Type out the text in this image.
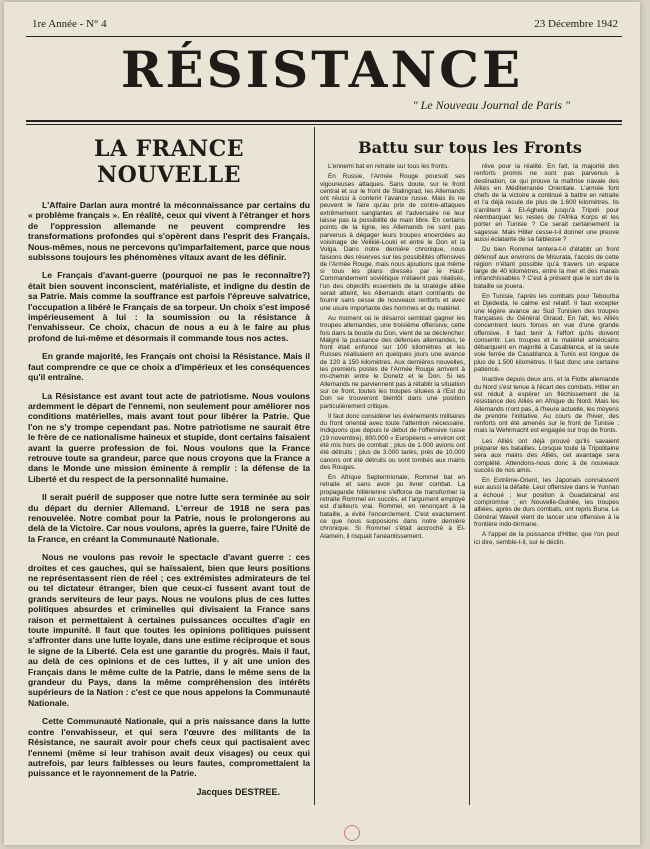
1re Année - N° 4	23 Décembre 1942
RÉSISTANCE
" Le Nouveau Journal de Paris "
LA FRANCE NOUVELLE

L'Affaire Darlan aura montré la méconnaissance par certains du « problème français ». En réalité, ceux qui vivent à l'étranger et hors de l'oppression allemande ne peuvent comprendre les transformations profondes qui s'opèrent dans l'esprit des Français. Nous-mêmes, nous ne percevons qu'imparfaitement, parce que nous subissons toujours les phénomènes vitaux avant de les définir.

Le Français d'avant-guerre (pourquoi ne pas le reconnaître?) était bien souvent inconscient, matérialiste, et indigne du destin de sa Patrie. Mais comme la souffrance est parfois l'épreuve salvatrice, l'occupation a libéré le Français de sa torpeur. Un choix s'est imposé impérieusement à lui : la soumission ou la résistance à l'envahisseur. Ce choix, chacun de nous a eu à le faire au plus profond de lui-même et désormais il commande tous nos actes.

En grande majorité, les Français ont choisi la Résistance. Mais il faut comprendre ce que ce choix a d'impérieux et les conséquences qu'il entraîne.

La Résistance est avant tout acte de patriotisme. Nous voulons ardemment le départ de l'ennemi, non seulement pour améliorer nos conditions matérielles, mais avant tout pour libérer la Patrie. Que l'on ne s'y trompe cependant pas. Notre patriotisme ne saurait être le frère de ce nationalisme haineux et stupide, dont certains faisaient avant la guerre profession de foi. Nous voulons que la France retrouve toute sa grandeur, parce que nous croyons que la France a dans le Monde une mission éminente à remplir : la défense de la Liberté et du respect de la personnalité humaine.

Il serait puéril de supposer que notre lutte sera terminée au soir du départ du dernier Allemand. L'erreur de 1918 ne sera pas renouvelée. Notre combat pour la Patrie, nous le prolongerons au delà de la Victoire. Car nous voulons, après la guerre, faire l'Unité de la France, en créant la Communauté Nationale.

Nous ne voulons pas revoir le spectacle d'avant guerre : ces droites et ces gauches, qui se haïssaient, bien que leurs positions ne représentassent rien de réel ; ces extrémistes admirateurs de tel ou tel dictateur étranger, bien que ceux-ci fussent avant tout de grands serviteurs de leur pays. Nous ne voulons plus de ces luttes politiques absurdes et criminelles qui divisaient la France sans raison et permettaient à certaines puissances occultes d'agir en toute impunité. Il faut que toutes les opinions politiques puissent s'affronter dans une lutte loyale, dans une estime réciproque et sous le signe de la Liberté. Cela est une garantie du progrès. Mais il faut, au delà de ces opinions et de ces luttes, il y ait une union des Français dans le même culte de la Patrie, dans le même sens de la grandeur du Pays, dans la même compréhension des intérêts supérieurs de la Nation : c'est ce que nous appelons la Communauté Nationale.

Cette Communauté Nationale, qui a pris naissance dans la lutte contre l'envahisseur, et qui sera l'œuvre des militants de la Résistance, ne saurait avoir pour chefs ceux qui pactisaient avec l'ennemi (même si leur trahison avait deux visages) ou ceux qui autrefois, par leurs faiblesses ou leurs fautes, compromettaient la puissance et le rayonnement de la Patrie.

Jacques DESTREE.
Battu sur tous les Fronts

L'ennemi bat en retraite sur tous les fronts.

En Russie, l'Armée Rouge poursuit ses vigoureuses attaques. Sans doute, sur le front central et sur le front de Stalingrad, les Allemands ont réussi à contenir l'avance russe. Mais ils ne peuvent le faire qu'au prix de contre-attaques extrêmement sanglantes et l'adversaire ne leur laisse pas la possibilité de main libre. En certains points de la ligne, les Allemands ne sont pas parvenus à dégager leurs troupes encerclées au voisinage de Velikié-Louki et entre le Don et la Volga. Dans notre dernière chronique, nous faisions des réserves sur les possibilités offensives de l'Armée Rouge, mais nous ajoutions que même si tous les plans dressés par le Haut-Commandement soviétique n'étaient pas réalisés, l'un des objectifs essentiels de la stratégie alliée serait atteint, les Allemands étant contraints de fournir sans cesse de nouveaux renforts et avec une usure importante des hommes et du matériel.

Au moment où le désarroi semblait gagner les troupes allemandes, une troisième offensive, cette fois dans la boucle du Don, vient de se déclencher. Malgré la puissance des défenses allemandes, le front était enfoncé sur 100 kilomètres et les Russes réalisaient en quelques jours une avance de 120 à 150 kilomètres. Aux dernières nouvelles, les premiers postes de l'Armée Rouge arrivent à mi-chemin entre le Donetz et le Don. Si les Allemands ne parviennent pas à rétablir la situation sur ce front, toutes les troupes situées à l'Est du Don se trouveront bientôt dans une position particulièrement critique.

Il faut donc considérer les événements militaires du front oriental avec toute l'attention nécessaire. Indiquons que depuis le début de l'offensive russe (19 novembre), 800.000 « Européens » environ ont été mis hors de combat ; plus de 1.000 avions ont été détruits ; plus de 3.000 tanks, près de 10.000 canons ont été détruits ou sont tombés aux mains des Rouges.

En Afrique Septentrionale, Rommel bat en retraite et sans avoir pu livrer combat. La propagande hitlérienne s'efforce de transformer la retraite Rommel en succès, et l'argument employé est d'ailleurs vrai. Rommel, en renonçant à la bataille, a évité l'encerclement. C'est exactement ce que nous supposions dans notre dernière chronique. Si Rommel s'était accroché à El-Alamein, il risquait l'anéantissement.

rêve pour la réalité. En fait, la majorité des renforts promis ne sont pas parvenus à destination, ce qui prouve la maîtrise navale des Alliés en Méditerranée Orientale. L'armée font chefs de la victoire a continué à battre en retraite et l'a déjà recule de plus de 1.600 kilomètres. Ils s'arrêtent à El-Agheila jusqu'à Tripoli pour réembarquer les restes de l'Afrika Korps et les porter en Tunisie ? Ce serait certainement la sagesse. Mais Hitler cesse-t-il donner une preuve aussi éclatante de sa faiblesse ?

Du bien Rommel tentera-t-il d'établir un front défensif aux environs de Misurata, l'accès de cette région n'étant possible qu'à travers un espace large de 40 kilomètres, entre la mer et des marais infranchissables ? C'est à présent que le sort de la bataille se jouera.

En Tunisie, l'après les combats pour Tebourba et Djedeida, le calme est relatif. Il faut excepter une légère avance au Sud Tunisien des troupes françaises du Général Giraud. En fait, les Alliés concentrent leurs forces en vue d'une grande offensive. Il faut tenir à l'effort qu'ils doivent consentir. Les troupes et le matériel américains débarquent en majorité à Casablanca, et la seule voie ferrée de Casablanca à Tunis est longue de plus de 1.500 kilomètres. Il faut donc une certaine patience.

Inactive depuis deux ans, et la Flotte allemande du Nord s'est tenue à l'écart des combats. Hitler en est réduit à espérer un fléchissement de la résistance des Alliés en Afrique du Nord. Mais les Allemands n'ont pas, à l'heure actuelle, les moyens de prendre l'initiative. Au cours de l'hiver, des renforts ont été amenés sur le front de Tunisie ; mais la Wehrmacht est engagée sur trop de fronts.

Les Alliés ont déjà prouvé qu'ils savaient préparer les batailles. Lorsque toute la Tripolitaine sera aux mains des Alliés, cet avantage sera complété. Attendons-nous donc à de nouveaux succès de nos amis.

En Extrême-Orient, les Japonais connaissent eux aussi la défaite. Leur offensive dans le Yunnan a échoué ; leur position à Guadalcanal est compromise ; en Nouvelle-Guinée, les troupes alliées, après de durs combats, ont repris Buna. Le Général Wavell vient de lancer une offensive à la frontière indo-birmane.

A l'appel de la puissance d'Hitler, que l'on peut ici dire, semble-t-il, sur le déclin.
